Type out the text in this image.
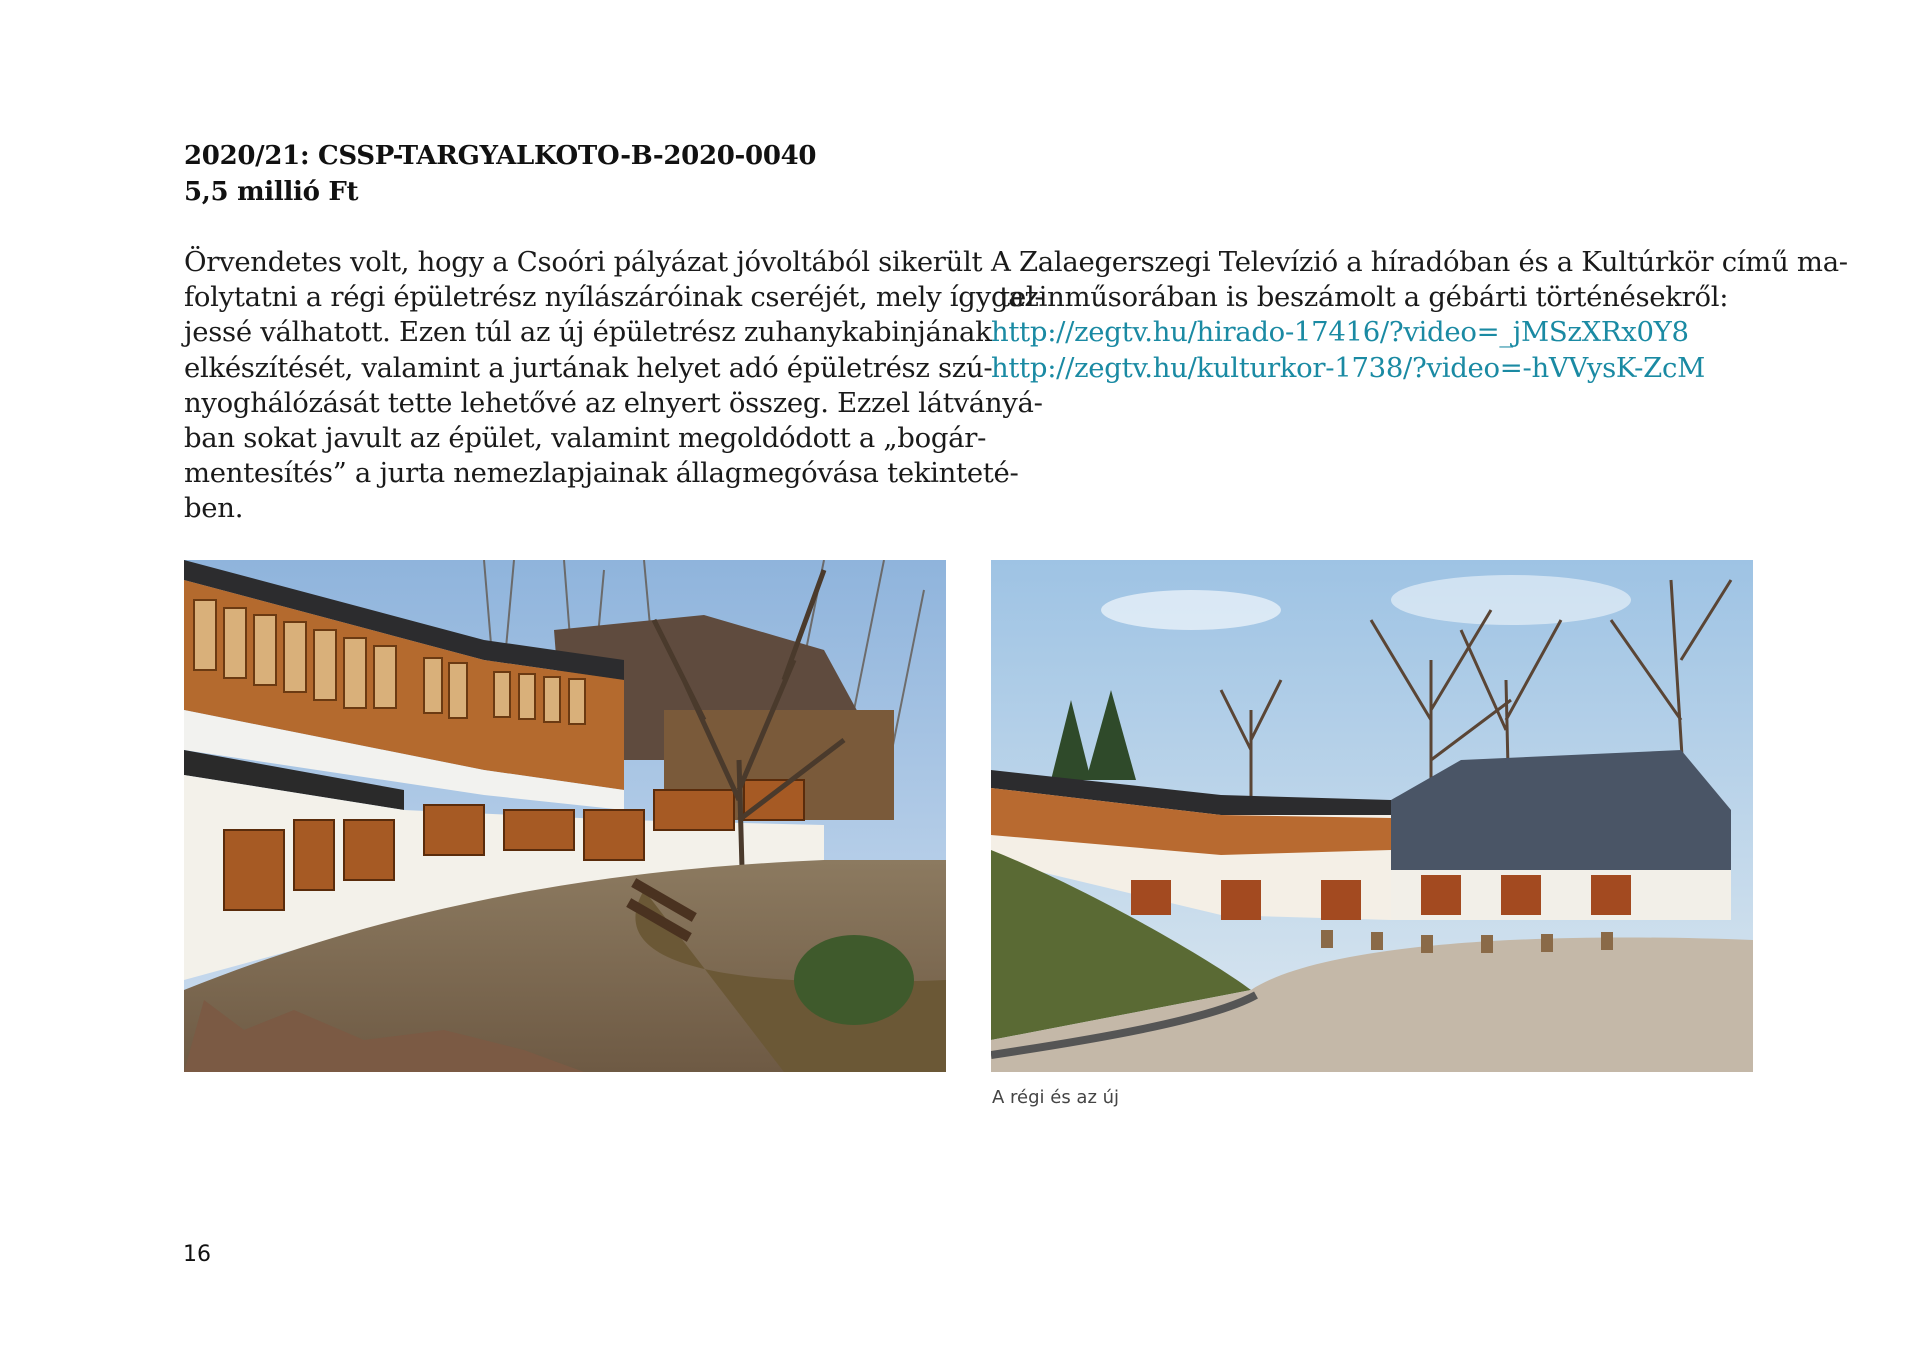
2020/21: CSSP-TARGYALKOTO-B-2020-0040
5,5 millió Ft
Örvendetes volt, hogy a Csoóri pályázat jóvoltából sikerült
folytatni a régi épületrész nyílászáróinak cseréjét, mely így tel-
jessé válhatott. Ezen túl az új épületrész zuhanykabinjának
elkészítését, valamint a jurtának helyet adó épületrész szú-
nyoghálózását tette lehetővé az elnyert összeg. Ezzel látványá-
ban sokat javult az épület, valamint megoldódott a „bogár-
mentesítés” a jurta nemezlapjainak állagmegóvása tekinteté-
ben.
A Zalaegerszegi Televízió a híradóban és a Kultúrkör című ma-
gazinműsorában is beszámolt a gébárti történésekről:
http://zegtv.hu/hirado-17416/?video=_jMSzXRx0Y8
http://zegtv.hu/kulturkor-1738/?video=-hVVysK-ZcM
A régi és az új
16
